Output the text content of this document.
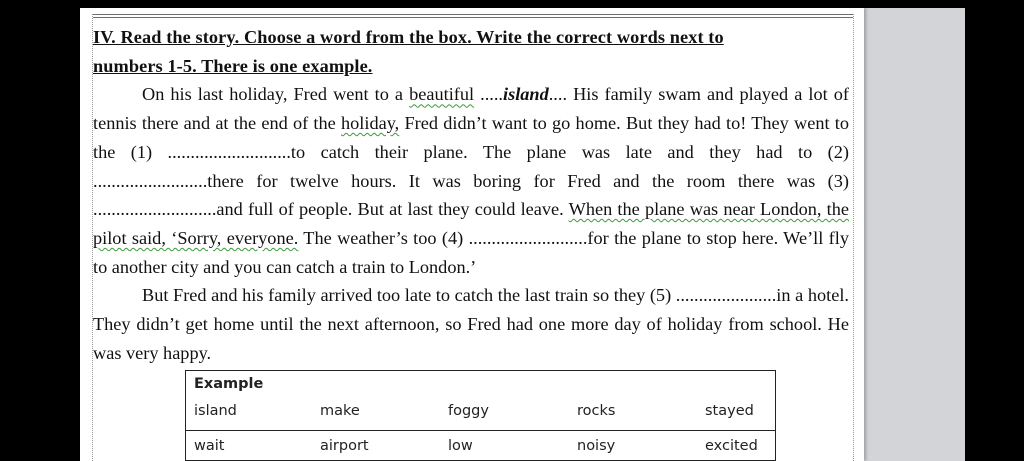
IV. Read the story. Choose a word from the box. Write the correct words next to
numbers 1-5. There is one example.

On his last holiday, Fred went to a beautiful .....island.... His family swam and played a lot of tennis there and at the end of the holiday, Fred didn’t want to go home. But they had to! They went to the (1) ...........................to catch their plane. The plane was late and they had to (2) .........................there for twelve hours. It was boring for Fred and the room there was (3) ...........................and full of people. But at last they could leave. When the plane was near London, the pilot said, ‘Sorry, everyone. The weather’s too (4) ..........................for the plane to stop here. We’ll fly to another city and you can catch a train to London.’

But Fred and his family arrived too late to catch the last train so they (5) ......................in a hotel. They didn’t get home until the next afternoon, so Fred had one more day of holiday from school. He was very happy.

Example
island	make	foggy	rocks	stayed
wait	airport	low	noisy	excited
